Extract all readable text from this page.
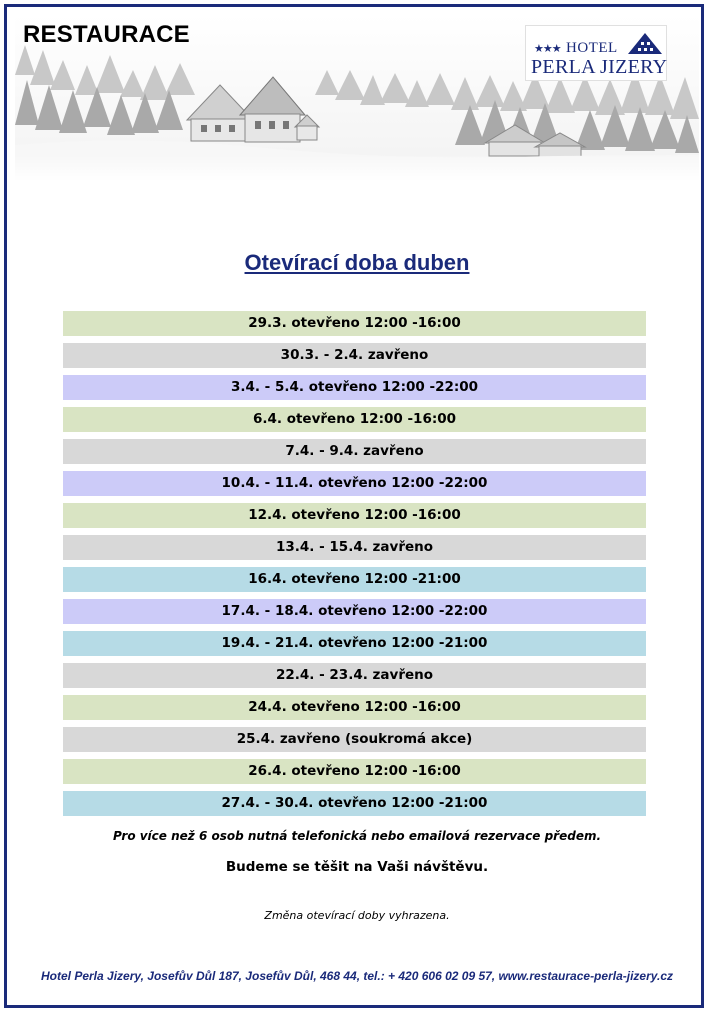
RESTAURACE
★★★ HOTEL
PERLA JIZERY
Otevírací doba duben
29.3. otevřeno 12:00 -16:00
30.3. - 2.4. zavřeno
3.4. - 5.4. otevřeno 12:00 -22:00
6.4. otevřeno 12:00 -16:00
7.4. - 9.4. zavřeno
10.4. - 11.4. otevřeno 12:00 -22:00
12.4. otevřeno 12:00 -16:00
13.4. - 15.4. zavřeno
16.4. otevřeno 12:00 -21:00
17.4. - 18.4. otevřeno 12:00 -22:00
19.4. - 21.4. otevřeno 12:00 -21:00
22.4. - 23.4. zavřeno
24.4. otevřeno 12:00 -16:00
25.4. zavřeno (soukromá akce)
26.4. otevřeno 12:00 -16:00
27.4. - 30.4. otevřeno 12:00 -21:00
Pro více než 6 osob nutná telefonická nebo emailová rezervace předem.
Budeme se těšit na Vaši návštěvu.
Změna otevírací doby vyhrazena.
Hotel Perla Jizery, Josefův Důl 187, Josefův Důl, 468 44, tel.: + 420 606 02 09 57, www.restaurace-perla-jizery.cz
